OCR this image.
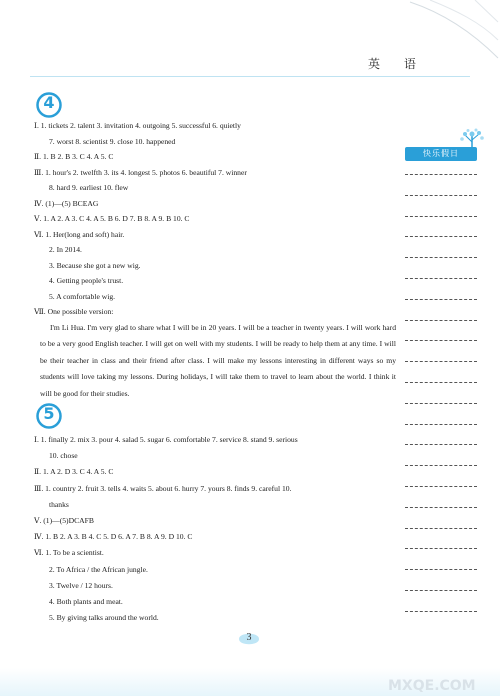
英 语
4
Ⅰ. 1. tickets 2. talent 3. invitation 4. outgoing 5. successful 6. quietly
7. worst 8. scientist 9. close 10. happened
Ⅱ. 1. B 2. B 3. C 4. A 5. C
Ⅲ. 1. hour's 2. twelfth 3. its 4. longest 5. photos 6. beautiful 7. winner
8. hard 9. earliest 10. flew
Ⅳ. (1)—(5) BCEAG
Ⅴ. 1. A 2. A 3. C 4. A 5. B 6. D 7. B 8. A 9. B 10. C
Ⅵ. 1. Her(long and soft) hair.
2. In 2014.
3. Because she got a new wig.
4. Getting people's trust.
5. A comfortable wig.
Ⅶ. One possible version:
I'm Li Hua. I'm very glad to share what I will be in 20 years. I will be a teacher in twenty years. I will work hard to be a very good English teacher. I will get on well with my students. I will be ready to help them at any time. I will be their teacher in class and their friend after class. I will make my lessons interesting in different ways so my students will love taking my lessons. During holidays, I will take them to travel to learn about the world. I think it will be good for their studies.
5
Ⅰ. 1. finally 2. mix 3. pour 4. salad 5. sugar 6. comfortable 7. service 8. stand 9. serious
10. chose
Ⅱ. 1. A 2. D 3. C 4. A 5. C
Ⅲ. 1. country 2. fruit 3. tells 4. waits 5. about 6. hurry 7. yours 8. finds 9. careful 10.
thanks
Ⅴ. (1)—(5)DCAFB
Ⅳ. 1. B 2. A 3. B 4. C 5. D 6. A 7. B 8. A 9. D 10. C
Ⅵ. 1. To be a scientist.
2. To Africa / the African jungle.
3. Twelve / 12 hours.
4. Both plants and meat.
5. By giving talks around the world.
快乐假日
3
MXQE.COM
